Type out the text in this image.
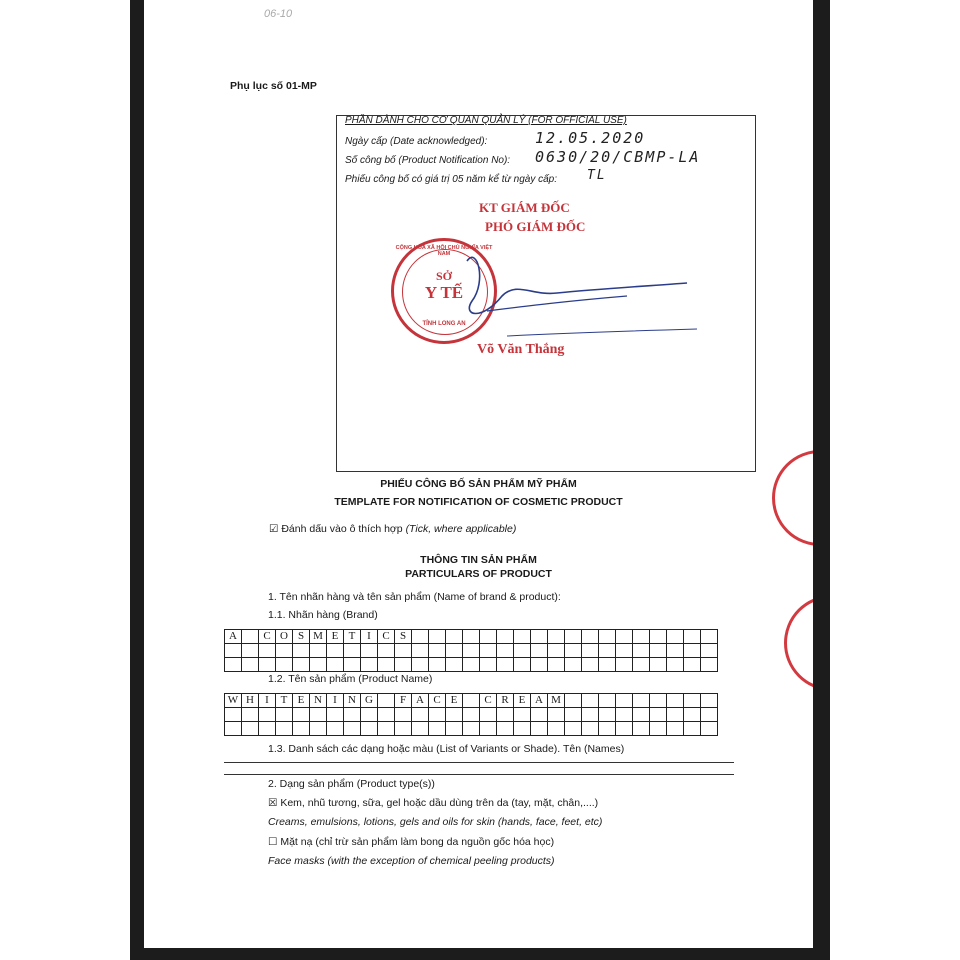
06-10
Phụ lục số 01-MP
PHẦN DÀNH CHO CƠ QUAN QUẢN LÝ (FOR OFFICIAL USE)
Ngày cấp (Date acknowledged):	12.05.2020
Số công bố (Product Notification No): 0630/20/CBMP-LA
Phiếu công bố có giá trị 05 năm kể từ ngày cấp: TL
KT GIÁM ĐỐC
PHÓ GIÁM ĐỐC
CỘNG HÒA XÃ HỘI CHỦ NGHĨA VIỆT NAM
SỞ
Y TẾ
TỈNH LONG AN
Võ Văn Thắng
PHIẾU CÔNG BỐ SẢN PHẨM MỸ PHẨM
TEMPLATE FOR NOTIFICATION OF COSMETIC PRODUCT
☑ Đánh dấu vào ô thích hợp (Tick, where applicable)
THÔNG TIN SẢN PHẨM
PARTICULARS OF PRODUCT
1. Tên nhãn hàng và tên sản phẩm (Name of brand & product):
1.1. Nhãn hàng (Brand)
A		C	O	S	M	E	T	I	C	S																		

1.2. Tên sản phẩm (Product Name)
W	H	I	T	E	N	I	N	G		F	A	C	E		C	R	E	A	M									

1.3. Danh sách các dạng hoặc màu (List of Variants or Shade). Tên (Names)
2. Dạng sản phẩm (Product type(s))
☒ Kem, nhũ tương, sữa, gel hoặc dầu dùng trên da (tay, mặt, chân,....)
Creams, emulsions, lotions, gels and oils for skin (hands, face, feet, etc)
☐ Mặt nạ (chỉ trừ sản phẩm làm bong da nguồn gốc hóa học)
Face masks (with the exception of chemical peeling products)
